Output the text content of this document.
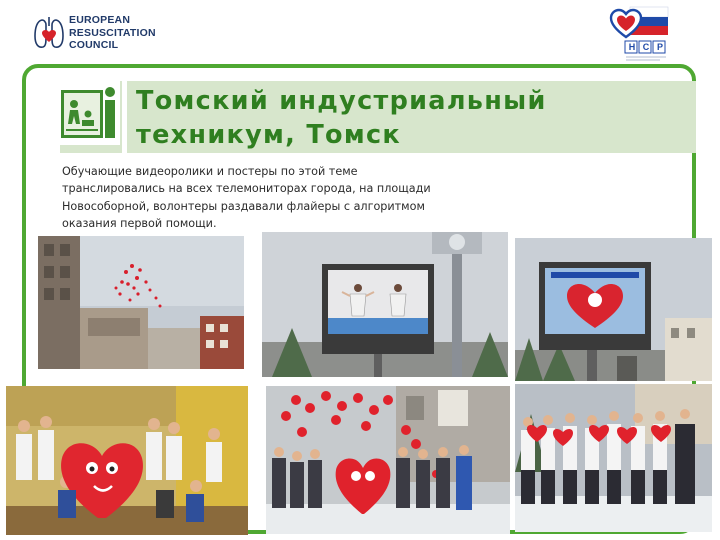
EUROPEAN
RESUSCITATION
COUNCIL	Н С Р
Томский индустриальный техникум, Томск

Обучающие видеоролики и постеры по этой теме
транслировались на всех телемониторах города, на площади
Новособорной, волонтеры раздавали флайеры с алгоритмом
оказания первой помощи.
